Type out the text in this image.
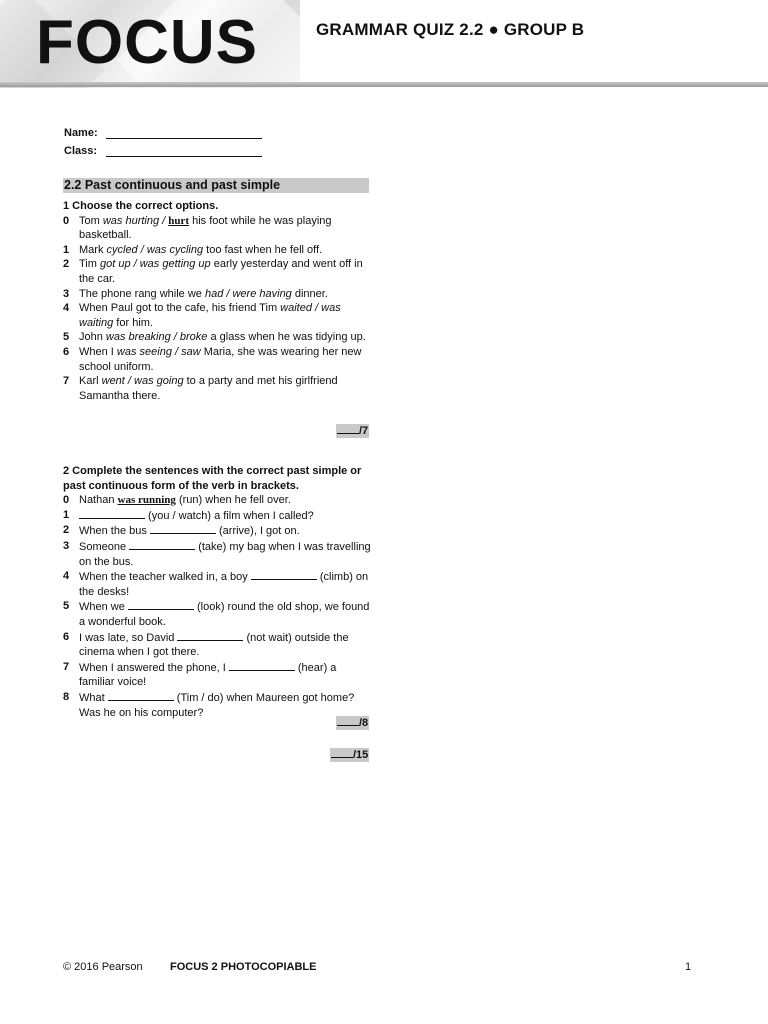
FOCUS	GRAMMAR QUIZ 2.2 ● GROUP B
Name:
Class:
2.2 Past continuous and past simple
1 Choose the correct options.
0 Tom was hurting / hurt his foot while he was playing basketball.
1 Mark cycled / was cycling too fast when he fell off.
2 Tim got up / was getting up early yesterday and went off in the car.
3 The phone rang while we had / were having dinner.
4 When Paul got to the cafe, his friend Tim waited / was waiting for him.
5 John was breaking / broke a glass when he was tidying up.
6 When I was seeing / saw Maria, she was wearing her new school uniform.
7 Karl went / was going to a party and met his girlfriend Samantha there.
/7
2 Complete the sentences with the correct past simple or past continuous form of the verb in brackets.
0 Nathan was running (run) when he fell over.
1	(you / watch) a film when I called?
2 When the bus	(arrive), I got on.
3 Someone	(take) my bag when I was travelling on the bus.
4 When the teacher walked in, a boy	(climb) on the desks!
5 When we	(look) round the old shop, we found a wonderful book.
6 I was late, so David	(not wait) outside the cinema when I got there.
7 When I answered the phone, I	(hear) a familiar voice!
8 What	(Tim / do) when Maureen got home? Was he on his computer?
/8
/15
© 2016 Pearson FOCUS 2 PHOTOCOPIABLE	1
